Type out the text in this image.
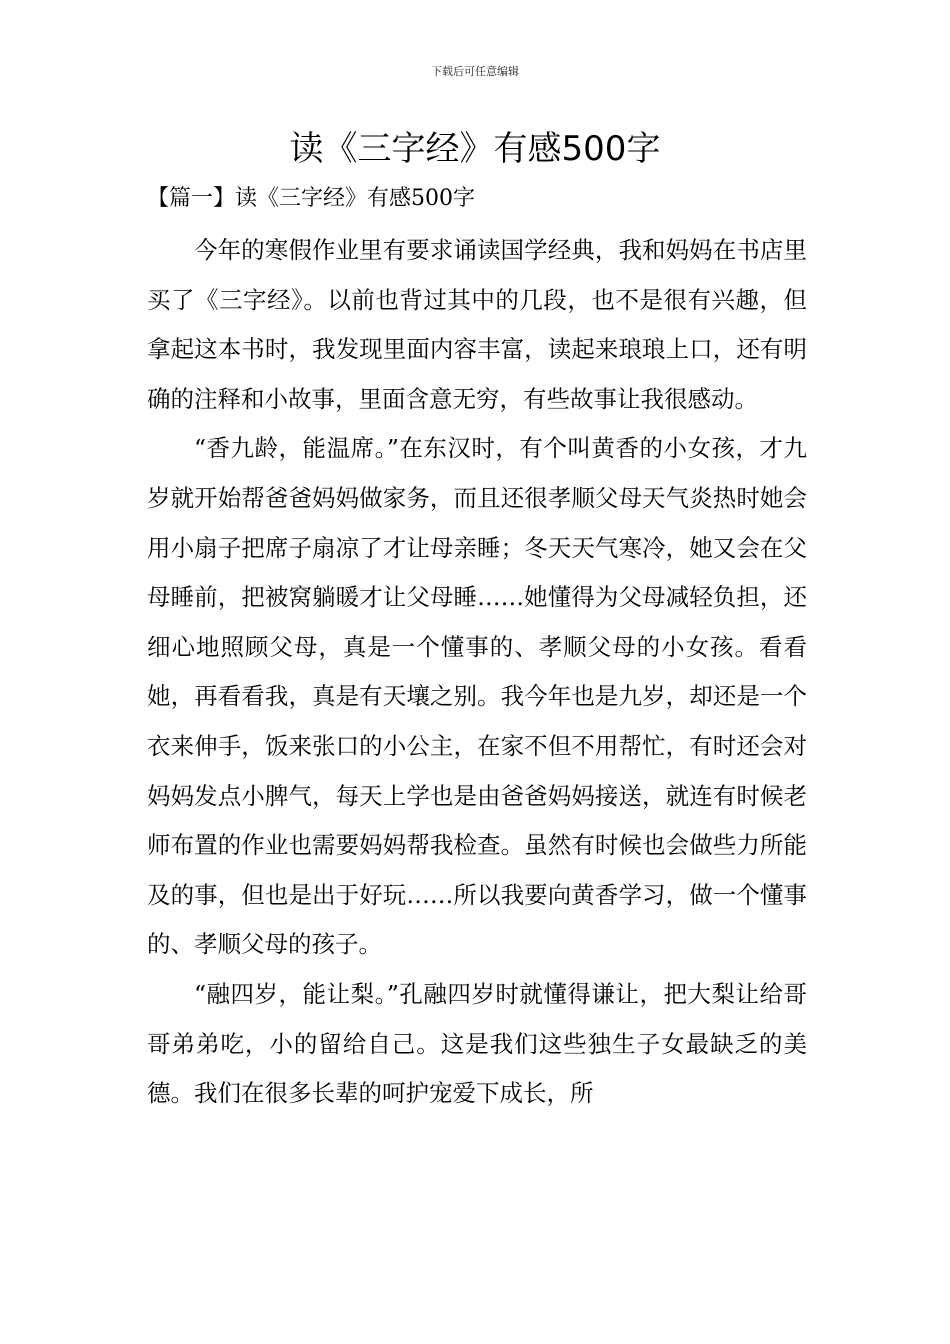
下载后可任意编辑
读《三字经》有感500字

【篇一】读《三字经》有感500字

今年的寒假作业里有要求诵读国学经典，我和妈妈在书店里买了《三字经》。以前也背过其中的几段，也不是很有兴趣，但拿起这本书时，我发现里面内容丰富，读起来琅琅上口，还有明确的注释和小故事，里面含意无穷，有些故事让我很感动。

“香九龄，能温席。”在东汉时，有个叫黄香的小女孩，才九岁就开始帮爸爸妈妈做家务，而且还很孝顺父母天气炎热时她会用小扇子把席子扇凉了才让母亲睡；冬天天气寒冷，她又会在父母睡前，把被窝躺暖才让父母睡……她懂得为父母减轻负担，还细心地照顾父母，真是一个懂事的、孝顺父母的小女孩。看看她，再看看我，真是有天壤之别。我今年也是九岁，却还是一个衣来伸手，饭来张口的小公主，在家不但不用帮忙，有时还会对妈妈发点小脾气，每天上学也是由爸爸妈妈接送，就连有时候老师布置的作业也需要妈妈帮我检查。虽然有时候也会做些力所能及的事，但也是出于好玩……所以我要向黄香学习，做一个懂事的、孝顺父母的孩子。

“融四岁，能让梨。”孔融四岁时就懂得谦让，把大梨让给哥哥弟弟吃，小的留给自己。这是我们这些独生子女最缺乏的美德。我们在很多长辈的呵护宠爱下成长，所
